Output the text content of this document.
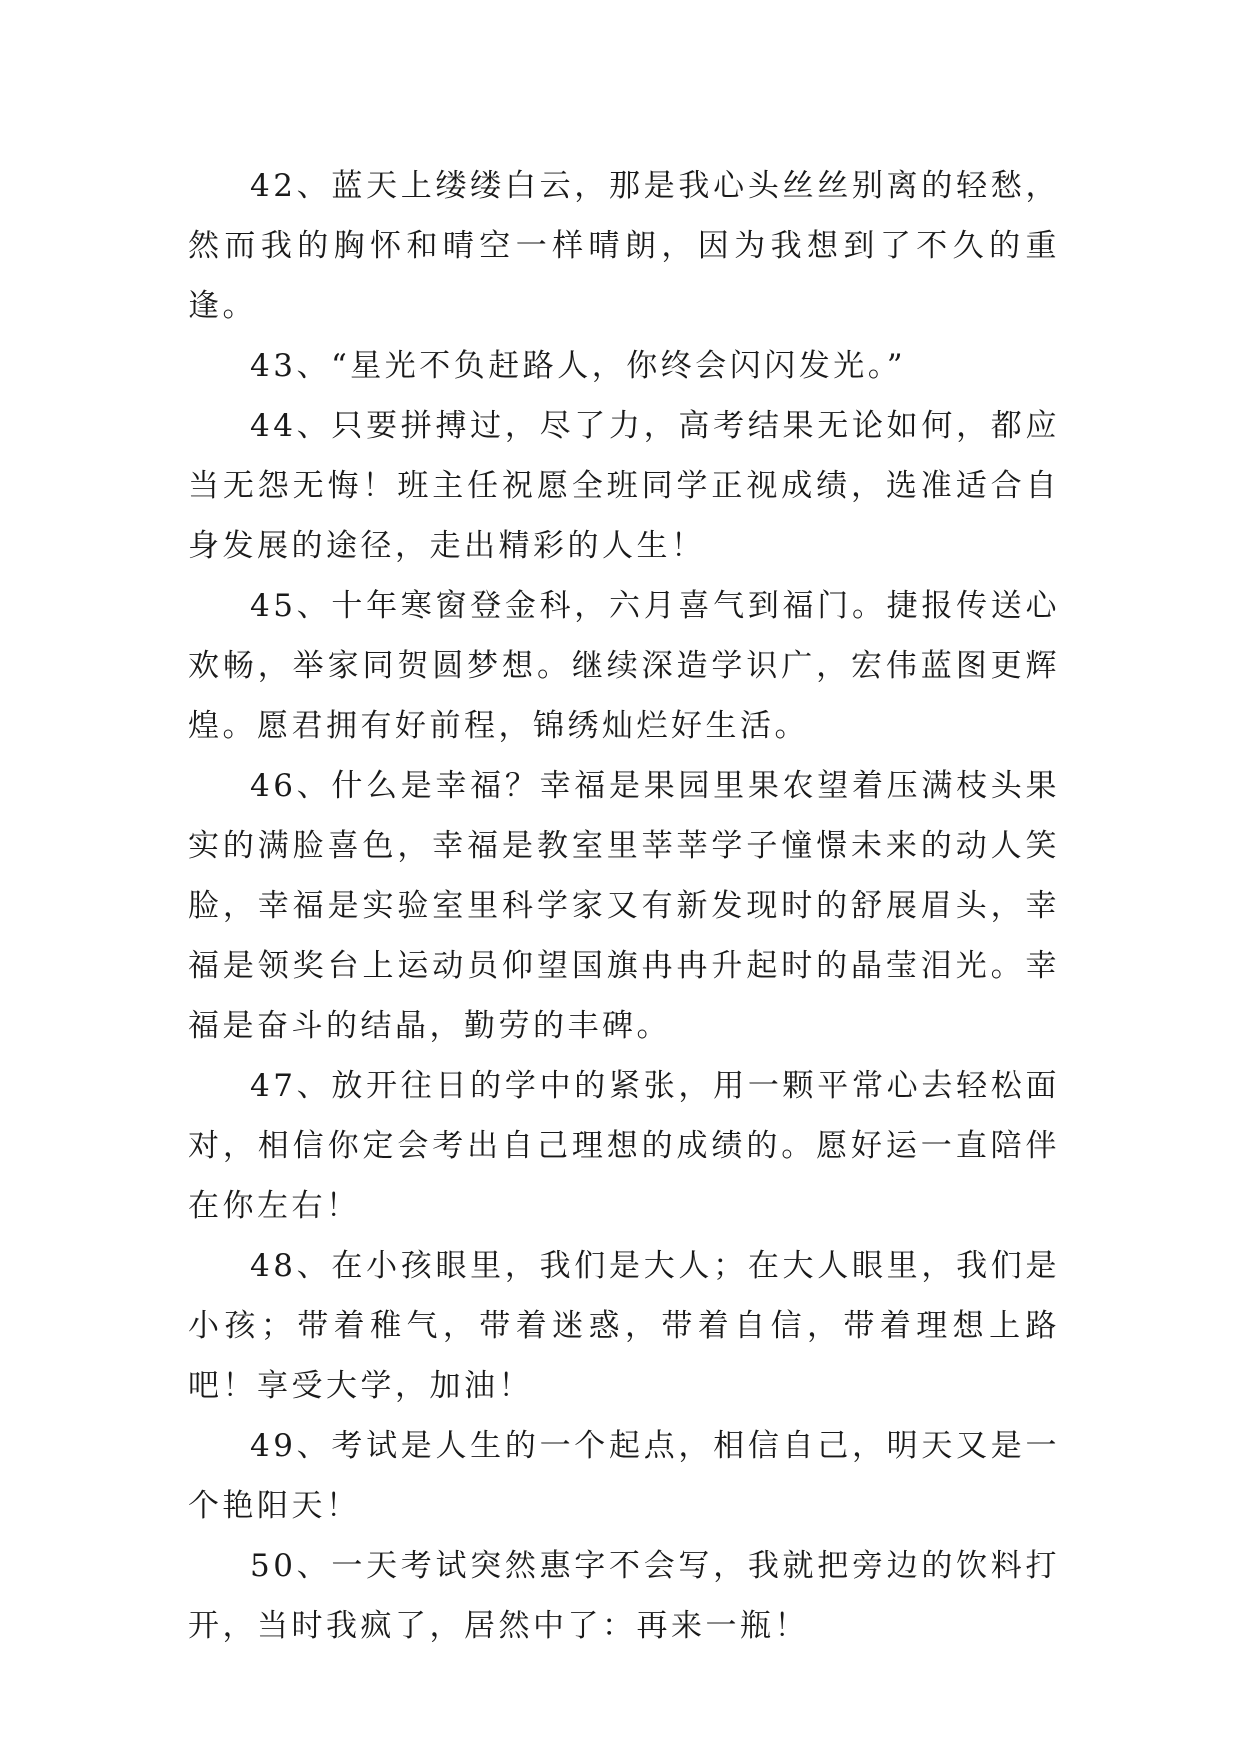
42、蓝天上缕缕白云，那是我心头丝丝别离的轻愁，然而我的胸怀和晴空一样晴朗，因为我想到了不久的重逢。

43、“星光不负赶路人，你终会闪闪发光。”

44、只要拼搏过，尽了力，高考结果无论如何，都应当无怨无悔！班主任祝愿全班同学正视成绩，选准适合自身发展的途径，走出精彩的人生！

45、十年寒窗登金科，六月喜气到福门。捷报传送心欢畅，举家同贺圆梦想。继续深造学识广，宏伟蓝图更辉煌。愿君拥有好前程，锦绣灿烂好生活。

46、什么是幸福？幸福是果园里果农望着压满枝头果实的满脸喜色，幸福是教室里莘莘学子憧憬未来的动人笑脸，幸福是实验室里科学家又有新发现时的舒展眉头，幸福是领奖台上运动员仰望国旗冉冉升起时的晶莹泪光。幸福是奋斗的结晶，勤劳的丰碑。

47、放开往日的学中的紧张，用一颗平常心去轻松面对，相信你定会考出自己理想的成绩的。愿好运一直陪伴在你左右！

48、在小孩眼里，我们是大人；在大人眼里，我们是小孩；带着稚气，带着迷惑，带着自信，带着理想上路吧！享受大学，加油！

49、考试是人生的一个起点，相信自己，明天又是一个艳阳天！

50、一天考试突然惠字不会写，我就把旁边的饮料打开，当时我疯了，居然中了：再来一瓶！
